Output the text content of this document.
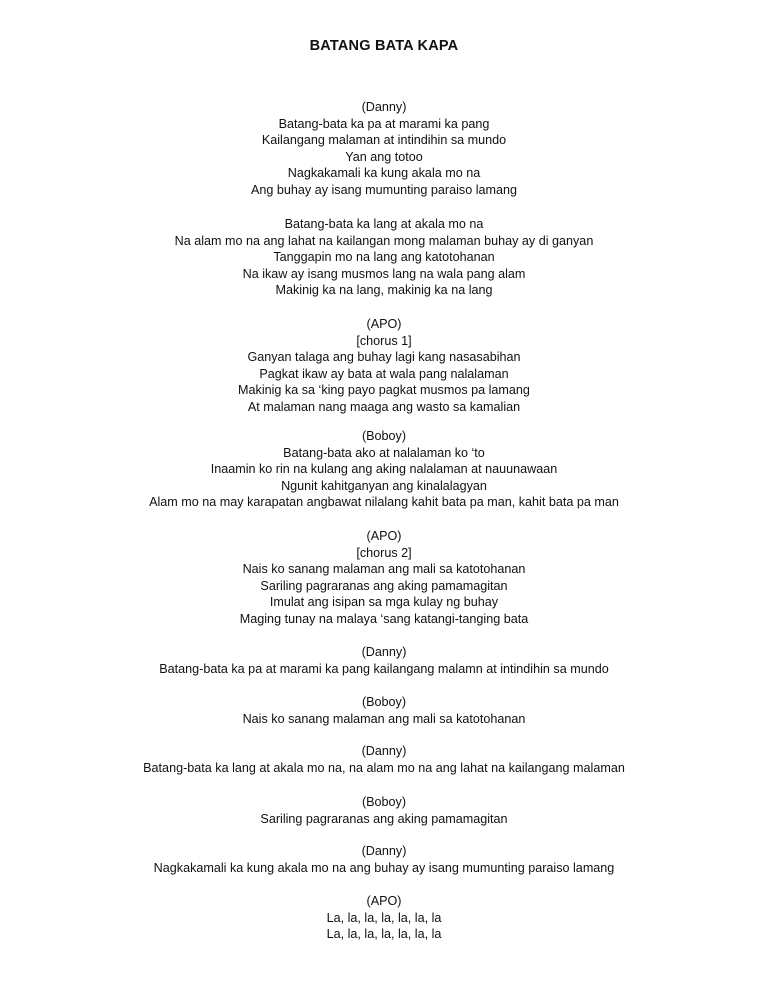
BATANG BATA KAPA
(Danny)
Batang-bata ka pa at marami ka pang
Kailangang malaman at intindihin sa mundo
Yan ang totoo
Nagkakamali ka kung akala mo na
Ang buhay ay isang mumunting paraiso lamang
Batang-bata ka lang at akala mo na
Na alam mo na ang lahat na kailangan mong malaman buhay ay di ganyan
Tanggapin mo na lang ang katotohanan
Na ikaw ay isang musmos lang na wala pang alam
Makinig ka na lang, makinig ka na lang
(APO)
[chorus 1]
Ganyan talaga ang buhay lagi kang nasasabihan
Pagkat ikaw ay bata at wala pang nalalaman
Makinig ka sa ‘king payo pagkat musmos pa lamang
At malaman nang maaga ang wasto sa kamalian
(Boboy)
Batang-bata ako at nalalaman ko ‘to
Inaamin ko rin na kulang ang aking nalalaman at nauunawaan
Ngunit kahitganyan ang kinalalagyan
Alam mo na may karapatan angbawat nilalang kahit bata pa man, kahit bata pa man
(APO)
[chorus 2]
Nais ko sanang malaman ang mali sa katotohanan
Sariling pagraranas ang aking pamamagitan
Imulat ang isipan sa mga kulay ng buhay
Maging tunay na malaya ‘sang katangi-tanging bata
(Danny)
Batang-bata ka pa at marami ka pang kailangang malamn at intindihin sa mundo
(Boboy)
Nais ko sanang malaman ang mali sa katotohanan
(Danny)
Batang-bata ka lang at akala mo na, na alam mo na ang lahat na kailangang malaman
(Boboy)
Sariling pagraranas ang aking pamamagitan
(Danny)
Nagkakamali ka kung akala mo na ang buhay ay isang mumunting paraiso lamang
(APO)
La, la, la, la, la, la, la
La, la, la, la, la, la, la
